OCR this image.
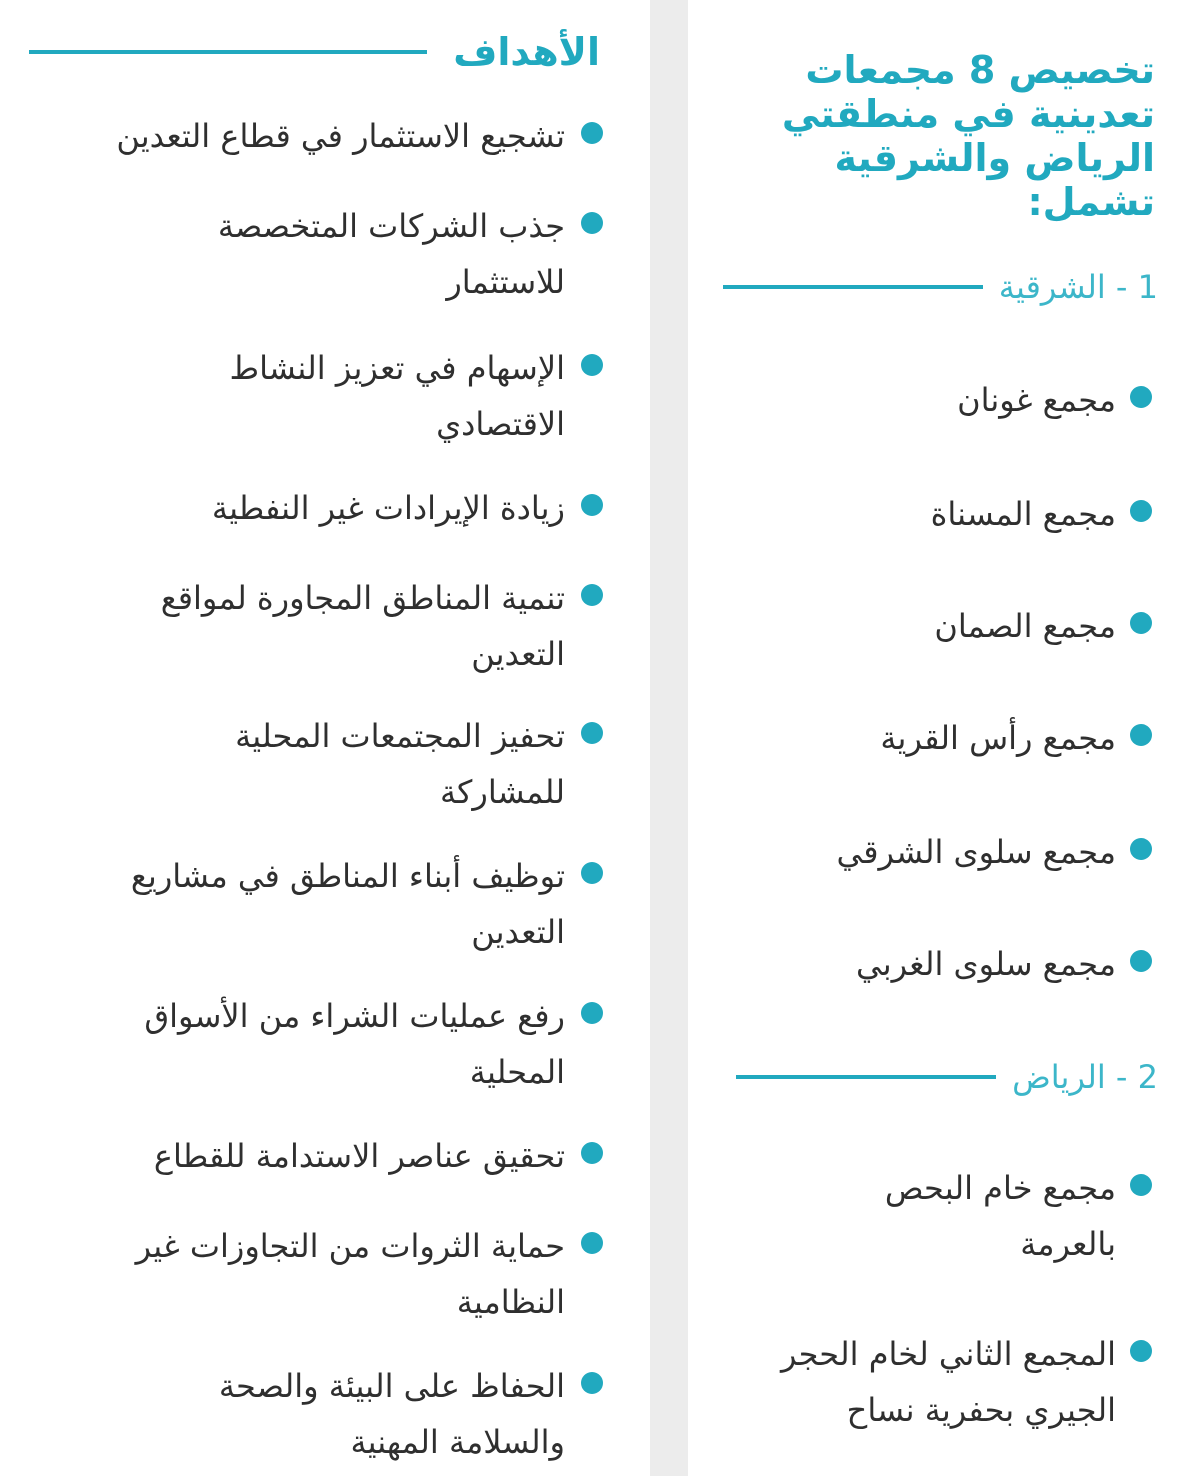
تخصيص 8 مجمعات
تعدينية في منطقتي
الرياض والشرقية تشمل:
1 - الشرقية
مجمع غونان
مجمع المسناة
مجمع الصمان
مجمع رأس القرية
مجمع سلوى الشرقي
مجمع سلوى الغربي
2 - الرياض
مجمع خام البحص بالعرمة
المجمع الثاني لخام الحجر الجيري بحفرية نساح
الأهداف
تشجيع الاستثمار في قطاع التعدين
جذب الشركات المتخصصة للاستثمار
الإسهام في تعزيز النشاط الاقتصادي
زيادة الإيرادات غير النفطية
تنمية المناطق المجاورة لمواقع التعدين
تحفيز المجتمعات المحلية للمشاركة
توظيف أبناء المناطق في مشاريع التعدين
رفع عمليات الشراء من الأسواق المحلية
تحقيق عناصر الاستدامة للقطاع
حماية الثروات من التجاوزات غير النظامية
الحفاظ على البيئة والصحة والسلامة المهنية
